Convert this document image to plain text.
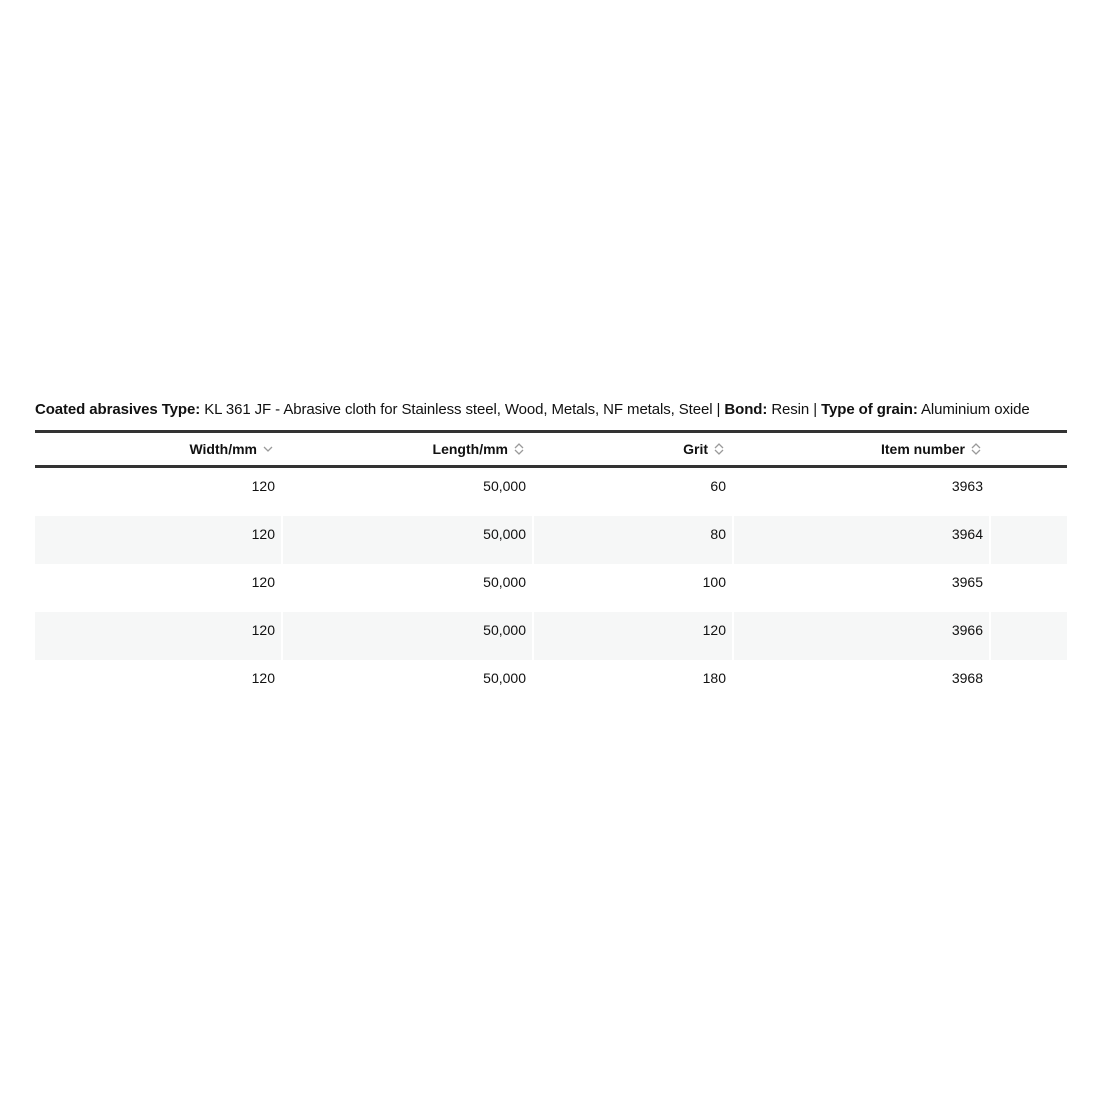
Coated abrasives Type: KL 361 JF - Abrasive cloth for Stainless steel, Wood, Metals, NF metals, Steel | Bond: Resin | Type of grain: Aluminium oxide
Width/mm	Length/mm	Grit	Item number
120	50,000	60	3963
120	50,000	80	3964
120	50,000	100	3965
120	50,000	120	3966
120	50,000	180	3968
